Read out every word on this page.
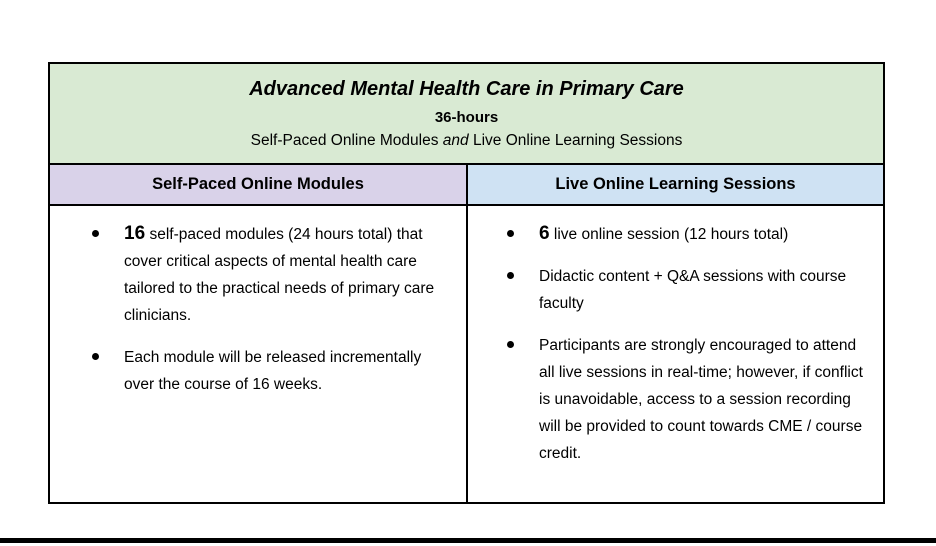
Advanced Mental Health Care in Primary Care
36-hours
Self-Paced Online Modules and Live Online Learning Sessions
Self-Paced Online Modules	Live Online Learning Sessions
16 self-paced modules (24 hours total) that cover critical aspects of mental health care tailored to the practical needs of primary care clinicians.
Each module will be released incrementally over the course of 16 weeks.
6 live online session (12 hours total)
Didactic content + Q&A sessions with course faculty
Participants are strongly encouraged to attend all live sessions in real-time; however, if conflict is unavoidable, access to a session recording will be provided to count towards CME / course credit.
